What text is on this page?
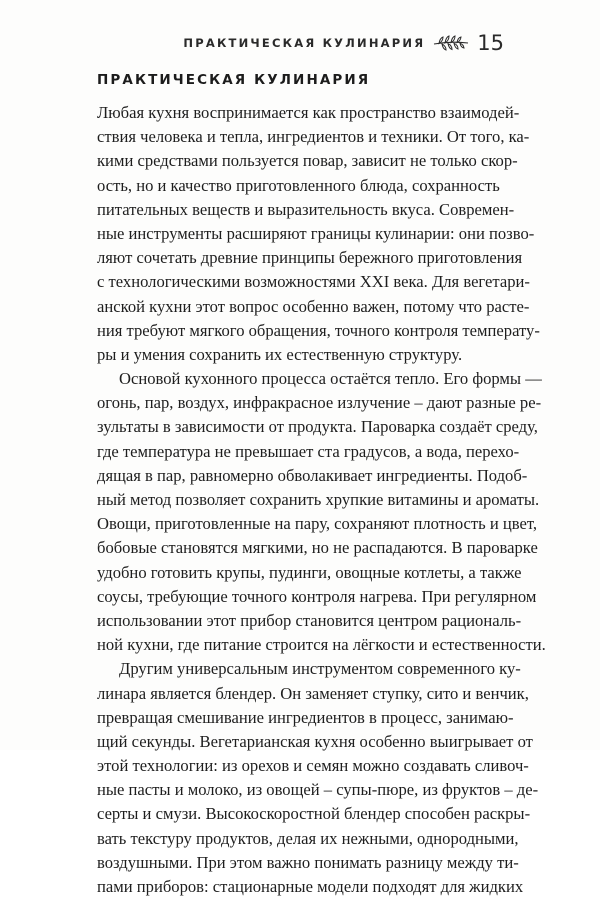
ПРАКТИЧЕСКАЯ КУЛИНАРИЯ 15
ПРАКТИЧЕСКАЯ КУЛИНАРИЯ
Любая кухня воспринимается как пространство взаимодей-
ствия человека и тепла, ингредиентов и техники. От того, ка-
кими средствами пользуется повар, зависит не только скор-
ость, но и качество приготовленного блюда, сохранность
питательных веществ и выразительность вкуса. Современ-
ные инструменты расширяют границы кулинарии: они позво-
ляют сочетать древние принципы бережного приготовления
с технологическими возможностями XXI века. Для вегетари-
анской кухни этот вопрос особенно важен, потому что расте-
ния требуют мягкого обращения, точного контроля температу-
ры и умения сохранить их естественную структуру.
Основой кухонного процесса остаётся тепло. Его формы —
огонь, пар, воздух, инфракрасное излучение – дают разные ре-
зультаты в зависимости от продукта. Пароварка создаёт среду,
где температура не превышает ста градусов, а вода, перехо-
дящая в пар, равномерно обволакивает ингредиенты. Подоб-
ный метод позволяет сохранить хрупкие витамины и ароматы.
Овощи, приготовленные на пару, сохраняют плотность и цвет,
бобовые становятся мягкими, но не распадаются. В пароварке
удобно готовить крупы, пудинги, овощные котлеты, а также
соусы, требующие точного контроля нагрева. При регулярном
использовании этот прибор становится центром рациональ-
ной кухни, где питание строится на лёгкости и естественности.
Другим универсальным инструментом современного ку-
линара является блендер. Он заменяет ступку, сито и венчик,
превращая смешивание ингредиентов в процесс, занимаю-
щий секунды. Вегетарианская кухня особенно выигрывает от
этой технологии: из орехов и семян можно создавать сливоч-
ные пасты и молоко, из овощей – супы-пюре, из фруктов – де-
серты и смузи. Высокоскоростной блендер способен раскры-
вать текстуру продуктов, делая их нежными, однородными,
воздушными. При этом важно понимать разницу между ти-
пами приборов: стационарные модели подходят для жидких
